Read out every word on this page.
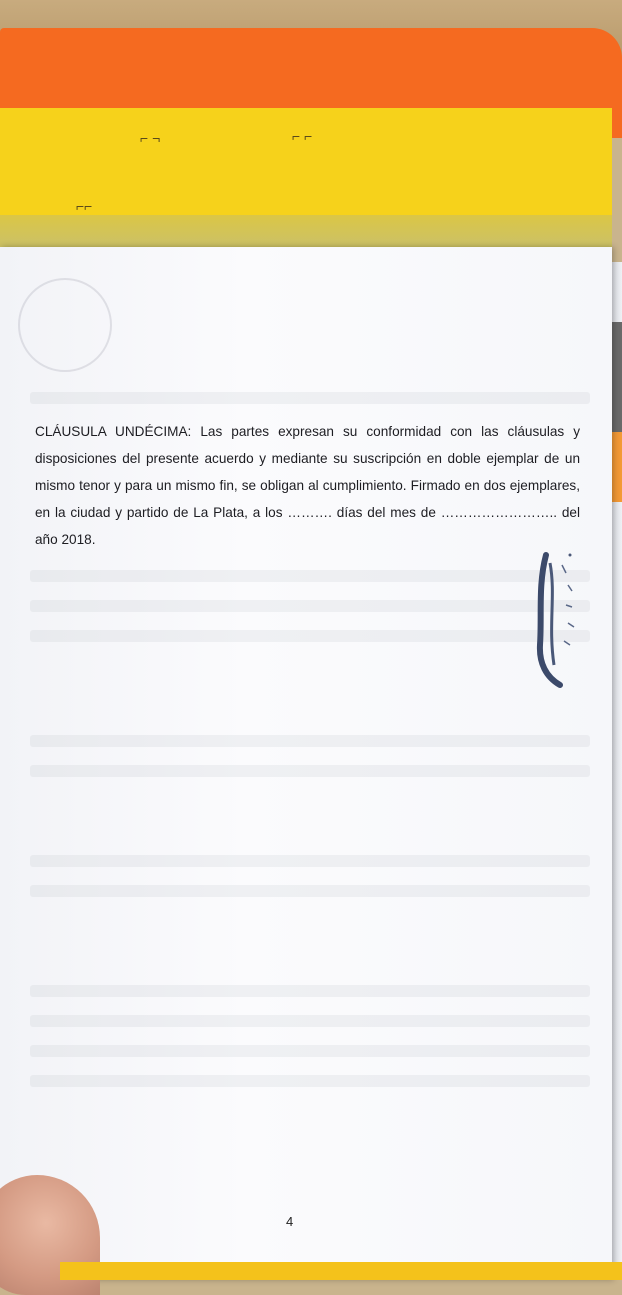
⌐ ¬	⌐ ⌐
⌐⌐
CLÁUSULA UNDÉCIMA: Las partes expresan su conformidad con las cláusulas y disposiciones del presente acuerdo y mediante su suscripción en doble ejemplar de un mismo tenor y para un mismo fin, se obligan al cumplimiento. Firmado en dos ejemplares, en la ciudad y partido de La Plata, a los ………. días del mes de …………………….. del año 2018.
4
